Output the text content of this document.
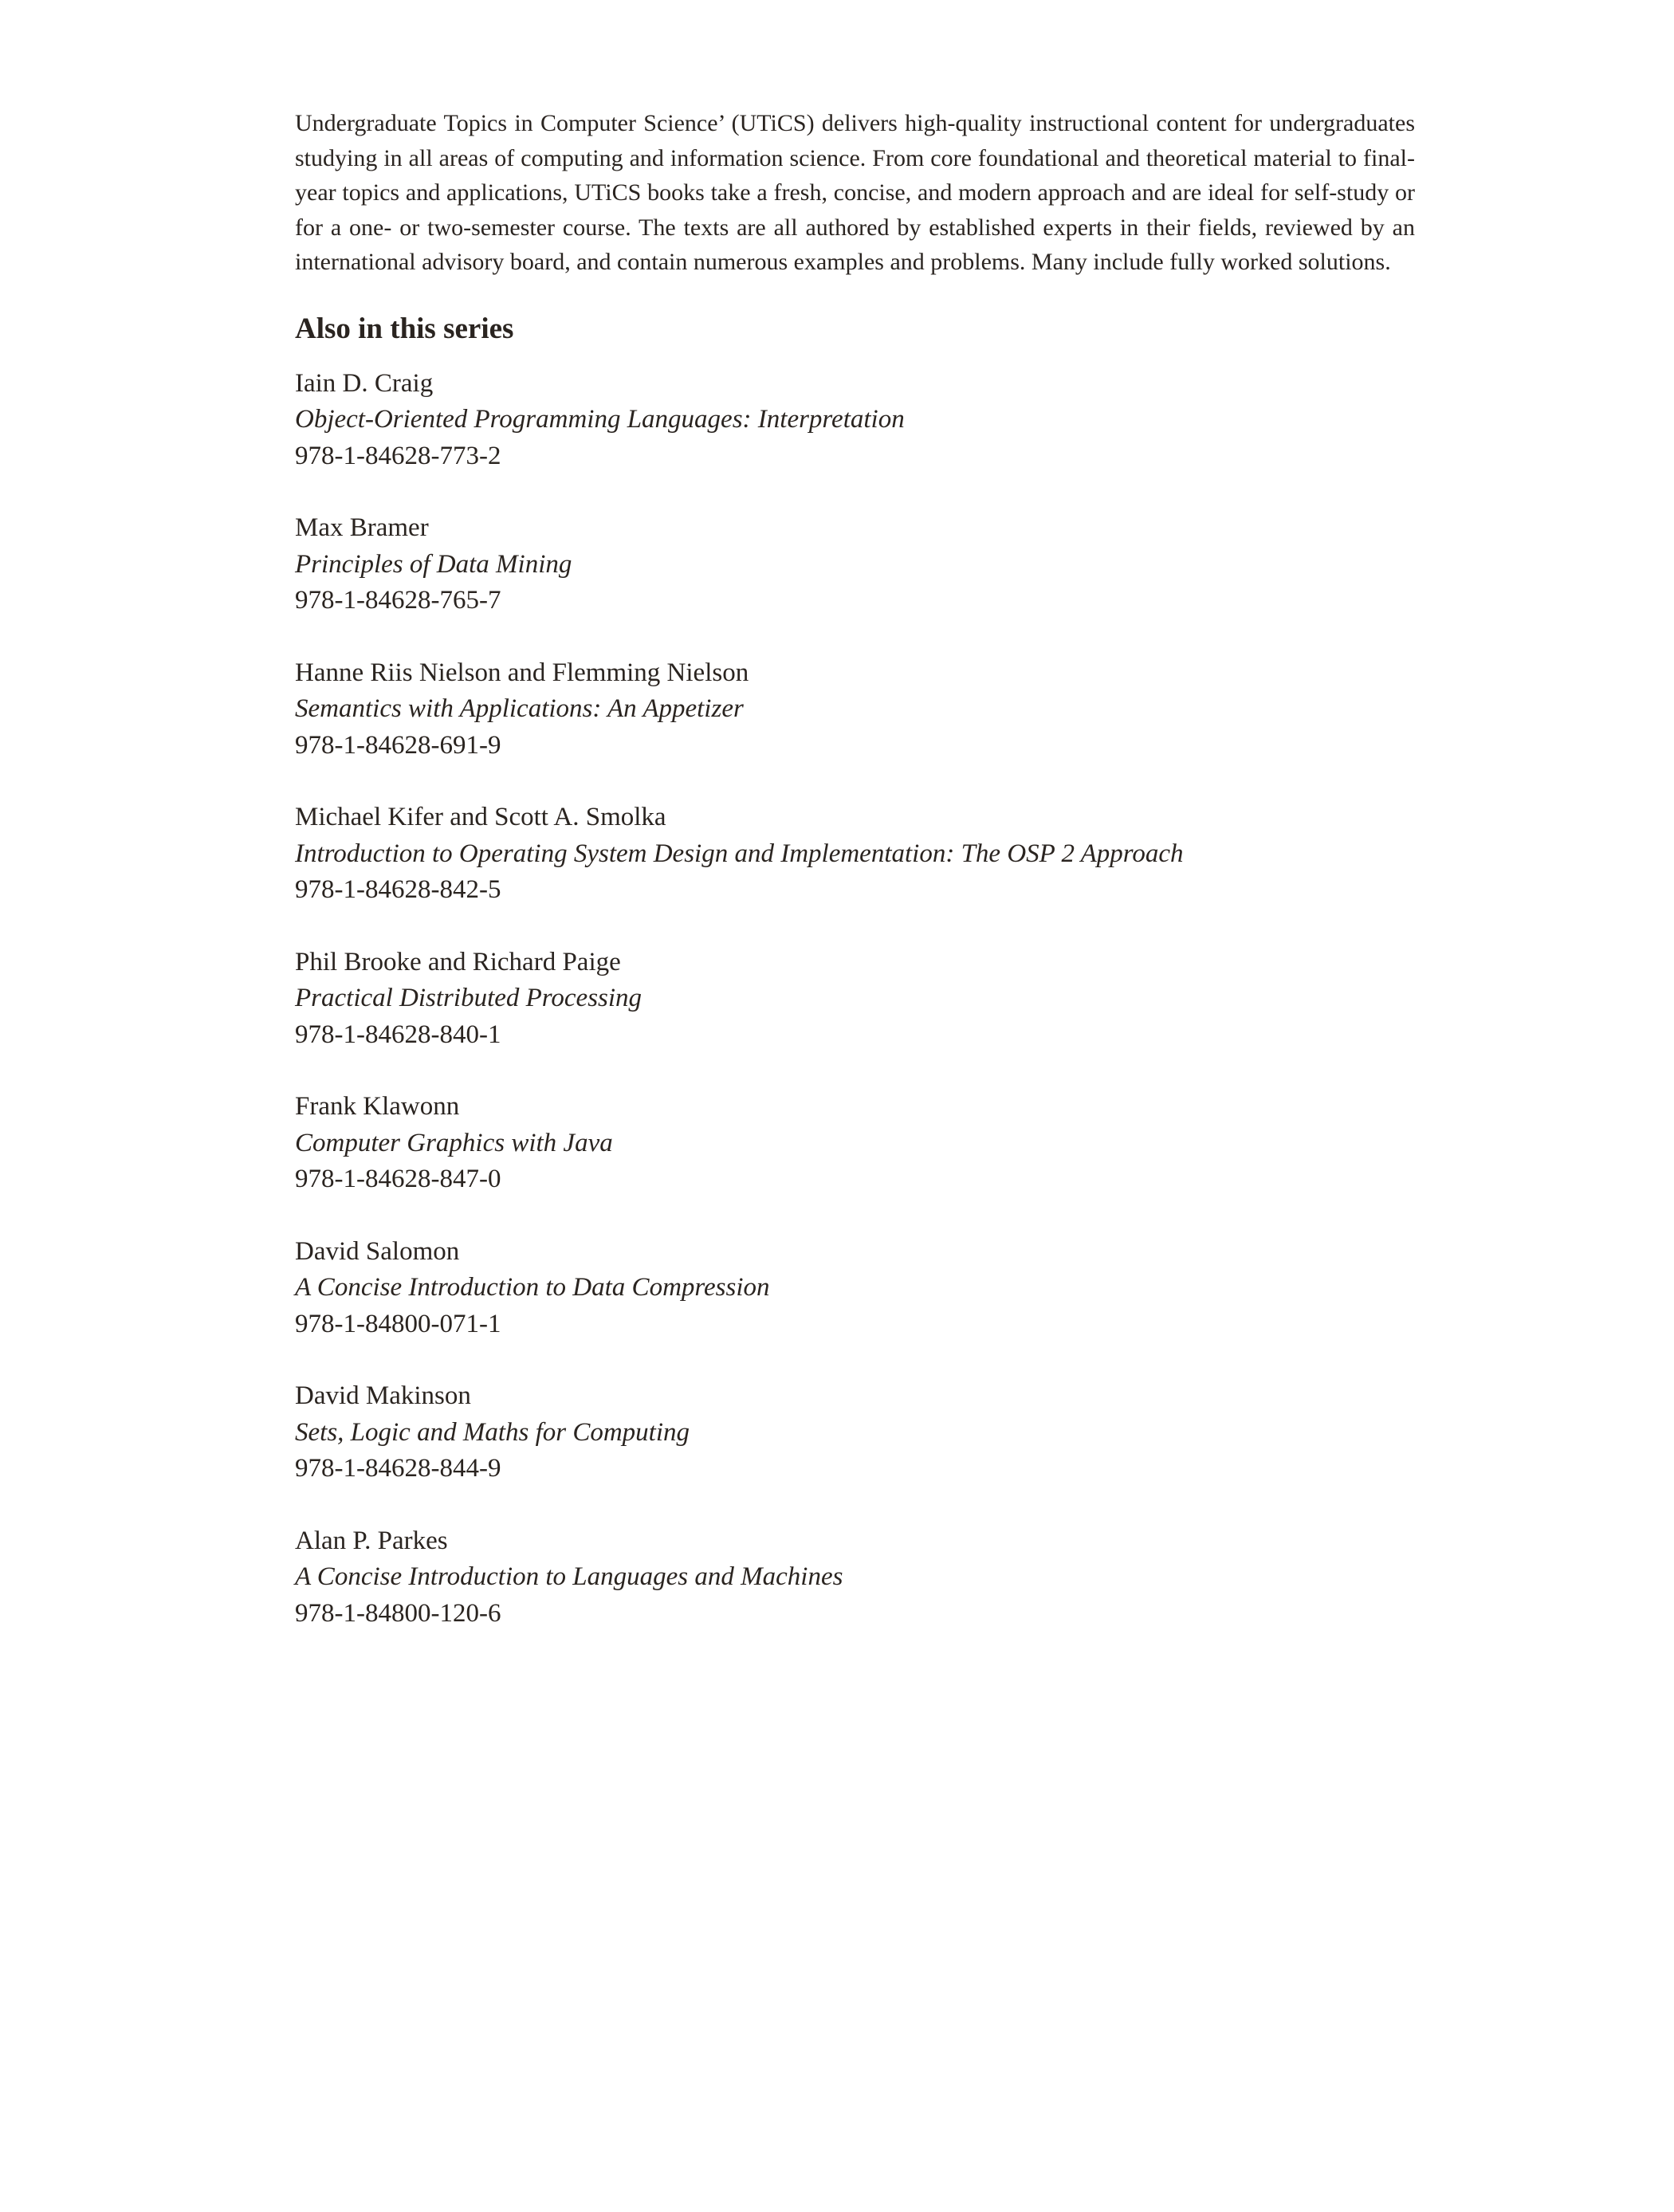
Undergraduate Topics in Computer Science’ (UTiCS) delivers high-quality instructional content for undergraduates studying in all areas of computing and information science. From core foundational and theoretical material to final-year topics and applications, UTiCS books take a fresh, concise, and modern approach and are ideal for self-study or for a one- or two-semester course. The texts are all authored by established experts in their fields, reviewed by an international advisory board, and contain numerous examples and problems. Many include fully worked solutions.

Also in this series
Iain D. Craig
Object-Oriented Programming Languages: Interpretation
978-1-84628-773-2
Max Bramer
Principles of Data Mining
978-1-84628-765-7
Hanne Riis Nielson and Flemming Nielson
Semantics with Applications: An Appetizer
978-1-84628-691-9
Michael Kifer and Scott A. Smolka
Introduction to Operating System Design and Implementation: The OSP 2 Approach
978-1-84628-842-5
Phil Brooke and Richard Paige
Practical Distributed Processing
978-1-84628-840-1
Frank Klawonn
Computer Graphics with Java
978-1-84628-847-0
David Salomon
A Concise Introduction to Data Compression
978-1-84800-071-1
David Makinson
Sets, Logic and Maths for Computing
978-1-84628-844-9
Alan P. Parkes
A Concise Introduction to Languages and Machines
978-1-84800-120-6
